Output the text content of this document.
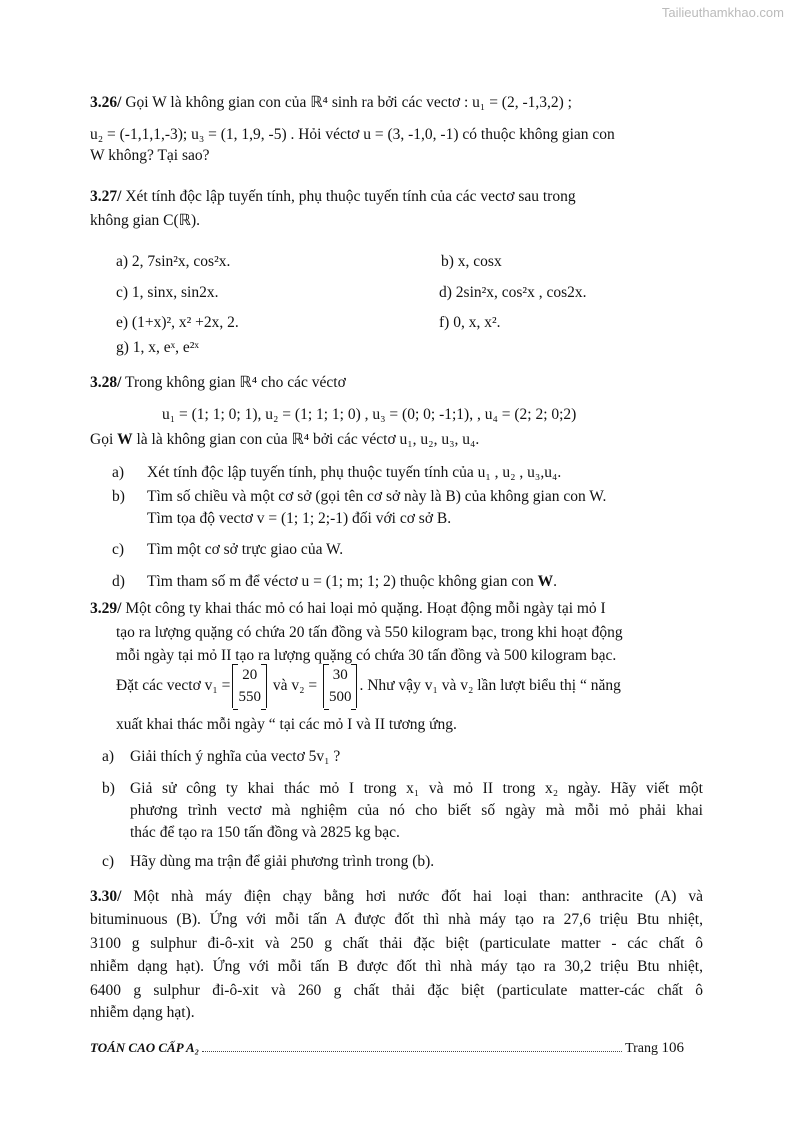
Tailieuthamkhao.com
3.26/ Gọi W là không gian con của ℝ⁴ sinh ra bởi các vectơ : u₁ = (2, -1,3,2) ;
u₂ = (-1,1,1,-3); u₃ = (1, 1,9, -5) . Hỏi véctơ u = (3, -1,0, -1) có thuộc không gian con
W không? Tại sao?
3.27/ Xét tính độc lập tuyến tính, phụ thuộc tuyến tính của các vectơ sau trong
không gian C(ℝ).
a) 2, 7sin²x, cos²x.	b) x, cosx
c) 1, sinx, sin2x.	d) 2sin²x, cos²x , cos2x.
e) (1+x)², x² +2x, 2.	f) 0, x, x².
g) 1, x, eˣ, e²ˣ
3.28/ Trong không gian ℝ⁴ cho các véctơ
u₁ = (1; 1; 0; 1), u₂ = (1; 1; 1; 0) , u₃ = (0; 0; -1;1), , u₄ = (2; 2; 0;2)
Gọi W là là không gian con của ℝ⁴ bởi các véctơ u₁, u₂, u₃, u₄.
a) Xét tính độc lập tuyến tính, phụ thuộc tuyến tính của u₁ , u₂ , u₃,u₄.
b) Tìm số chiều và một cơ sở (gọi tên cơ sở này là B) của không gian con W.
Tìm tọa độ vectơ v = (1; 1; 2;-1) đối với cơ sở B.
c) Tìm một cơ sở trực giao của W.
d) Tìm tham số m để véctơ u = (1; m; 1; 2) thuộc không gian con W.
3.29/ Một công ty khai thác mỏ có hai loại mỏ quặng. Hoạt động mỗi ngày tại mỏ I
tạo ra lượng quặng có chứa 20 tấn đồng và 550 kilogram bạc, trong khi hoạt động
mỗi ngày tại mỏ II tạo ra lượng quặng có chứa 30 tấn đồng và 500 kilogram bạc.
Đặt các vectơ v₁ =
20
550
và v₂ =
30
500
. Như vậy v₁ và v₂ lần lượt biểu thị “ năng
xuất khai thác mỗi ngày “ tại các mỏ I và II tương ứng.
a) Giải thích ý nghĩa của vectơ 5v₁ ?
b) Giả sử công ty khai thác mỏ I trong x₁ và mỏ II trong x₂ ngày. Hãy viết một
phương trình vectơ mà nghiệm của nó cho biết số ngày mà mỗi mỏ phải khai
thác để tạo ra 150 tấn đồng và 2825 kg bạc.
c) Hãy dùng ma trận để giải phương trình trong (b).
3.30/ Một nhà máy điện chạy bằng hơi nước đốt hai loại than: anthracite (A) và
bituminuous (B). Ứng với mỗi tấn A được đốt thì nhà máy tạo ra 27,6 triệu Btu nhiệt,
3100 g sulphur đi-ô-xit và 250 g chất thải đặc biệt (particulate matter - các chất ô
nhiễm dạng hạt). Ứng với mỗi tấn B được đốt thì nhà máy tạo ra 30,2 triệu Btu nhiệt,
6400 g sulphur đi-ô-xit và 260 g chất thải đặc biệt (particulate matter-các chất ô
nhiễm dạng hạt).
TOÁN CAO CẤP A₂	Trang
106
